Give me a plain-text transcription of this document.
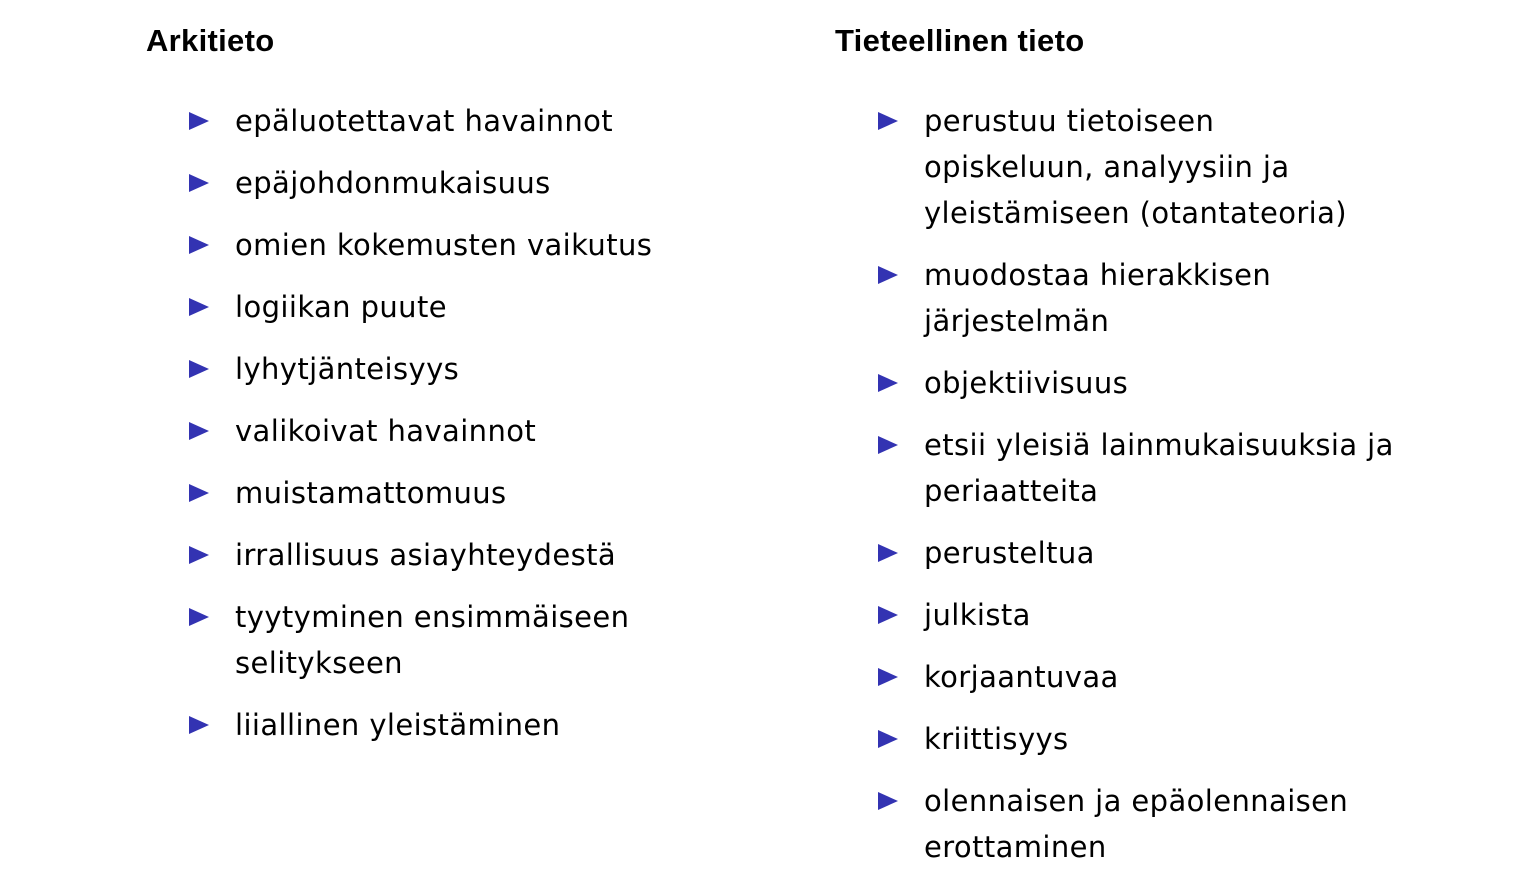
Arkitieto
epäluotettavat havainnot
epäjohdonmukaisuus
omien kokemusten vaikutus
logiikan puute
lyhytjänteisyys
valikoivat havainnot
muistamattomuus
irrallisuus asiayhteydestä
tyytyminen ensimmäiseen selitykseen
liiallinen yleistäminen
Tieteellinen tieto
perustuu tietoiseen opiskeluun, analyysiin ja yleistämiseen (otantateoria)
muodostaa hierakkisen järjestelmän
objektiivisuus
etsii yleisiä lainmukaisuuksia ja periaatteita
perusteltua
julkista
korjaantuvaa
kriittisyys
olennaisen ja epäolennaisen erottaminen
